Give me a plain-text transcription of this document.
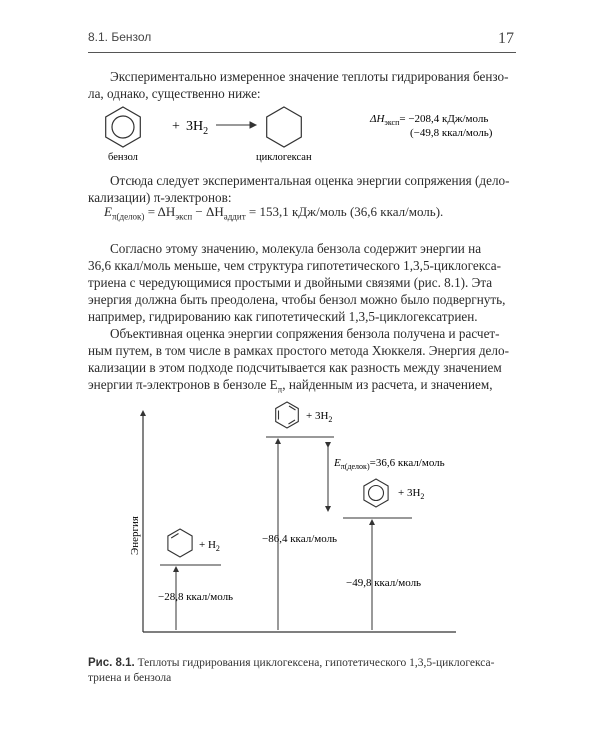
8.1. Бензол	17
Экспериментально измеренное значение теплоты гидрирования бензо-
ла, однако, существенно ниже:
+ $3H_2$
бензол	циклогексан
$\Delta H_{эксп}= -208,4$ кДж/моль
(−49,8 ккал/моль)
Отсюда следует экспериментальная оценка энергии сопряжения (дело-
кализации) π-электронов:
$E_{\pi(делок)} = \Delta H_{эксп} - \Delta H_{аддит} = 153,1$ кДж/моль (36,6 ккал/моль).
Согласно этому значению, молекула бензола содержит энергии на
36,6 ккал/моль меньше, чем структура гипотетического 1,3,5-циклогекса-
триена с чередующимися простыми и двойными связями (рис. 8.1). Эта
энергия должна быть преодолена, чтобы бензол можно было подвергнуть,
например, гидрированию как гипотетический 1,3,5-циклогексатриен.
Объективная оценка энергии сопряжения бензола получена и расчет-
ным путем, в том числе в рамках простого метода Хюккеля. Энергия дело-
кализации в этом подходе подсчитывается как разность между значением
энергии π-электронов в бензоле $E_\pi$, найденным из расчета, и значением,
Энергия
+ $3H_2$
+ $3H_2$
+ $H_2$
$E_{\pi(делок)}=36,6$ ккал/моль
−86,4 ккал/моль
−49,8 ккал/моль
−28,8 ккал/моль
Рис. 8.1. Теплоты гидрирования циклогексена, гипотетического 1,3,5-циклогекса-
триена и бензола
